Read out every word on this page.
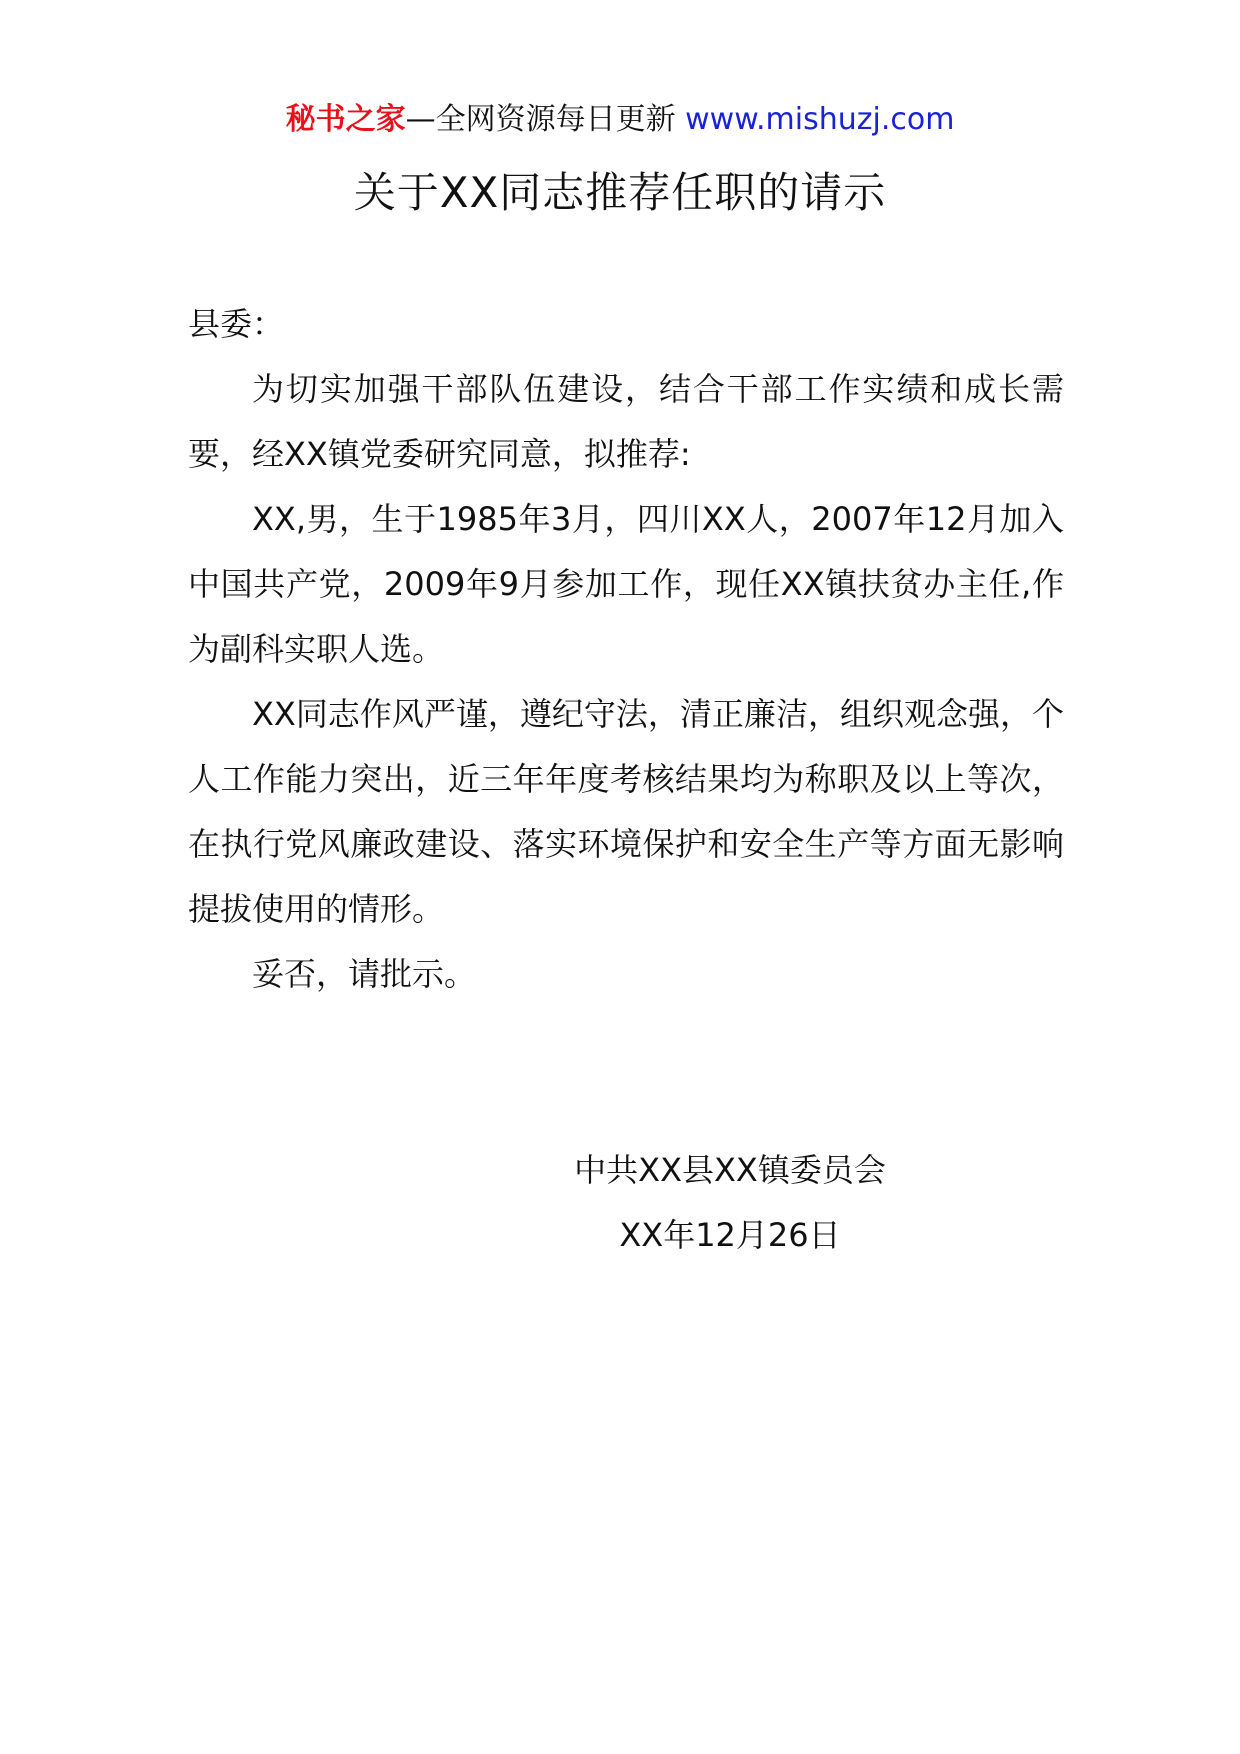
秘书之家—全网资源每日更新 www.mishuzj.com
关于XX同志推荐任职的请示

县委：

为切实加强干部队伍建设，结合干部工作实绩和成长需要，经XX镇党委研究同意，拟推荐:

XX,男，生于1985年3月，四川XX人，2007年12月加入中国共产党，2009年9月参加工作，现任XX镇扶贫办主任,作为副科实职人选。

XX同志作风严谨，遵纪守法，清正廉洁，组织观念强，个人工作能力突出，近三年年度考核结果均为称职及以上等次，在执行党风廉政建设、落实环境保护和安全生产等方面无影响提拔使用的情形。

妥否，请批示。

中共XX县XX镇委员会
XX年12月26日
